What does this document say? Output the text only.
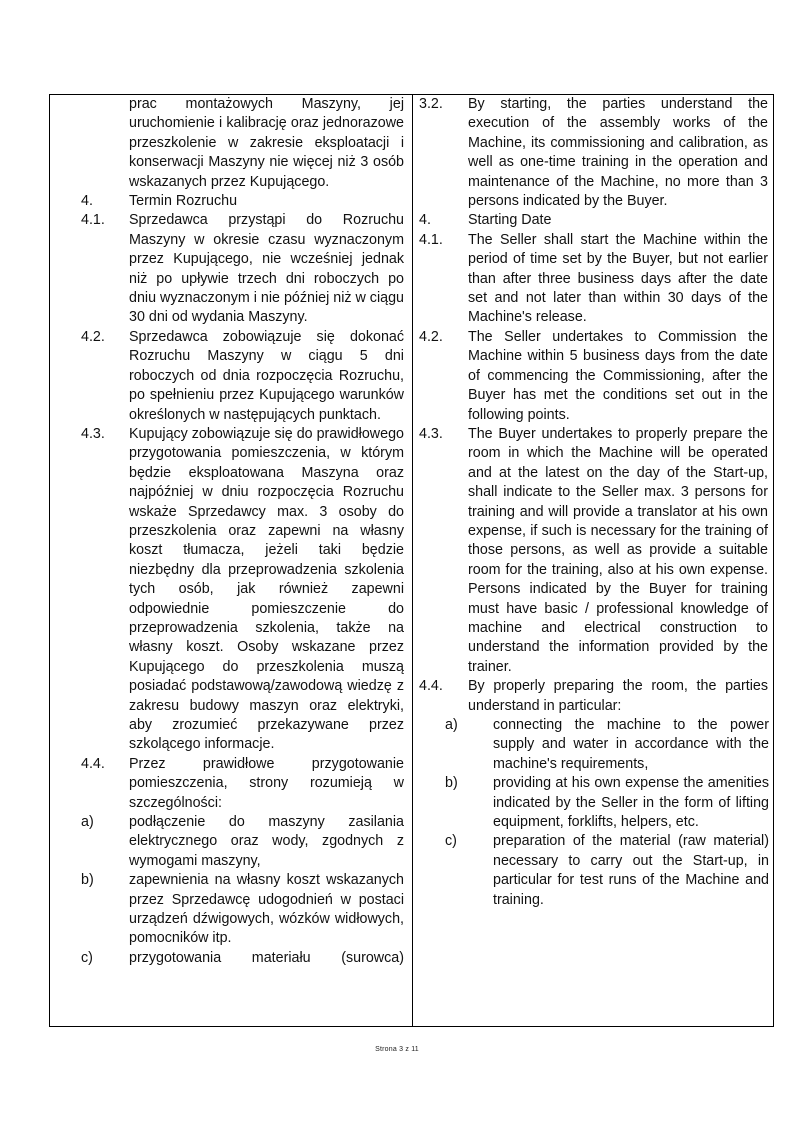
prac montażowych Maszyny, jej uruchomienie i kalibrację oraz jednorazowe przeszkolenie w zakresie eksploatacji i konserwacji Maszyny nie więcej niż 3 osób wskazanych przez Kupującego.
4.	Termin Rozruchu
4.1.	Sprzedawca przystąpi do Rozruchu Maszyny w okresie czasu wyznaczonym przez Kupującego, nie wcześniej jednak niż po upływie trzech dni roboczych po dniu wyznaczonym i nie później niż w ciągu 30 dni od wydania Maszyny.
4.2.	Sprzedawca zobowiązuje się dokonać Rozruchu Maszyny w ciągu 5 dni roboczych od dnia rozpoczęcia Rozruchu, po spełnieniu przez Kupującego warunków określonych w następujących punktach.
4.3.	Kupujący zobowiązuje się do prawidłowego przygotowania pomieszczenia, w którym będzie eksploatowana Maszyna oraz najpóźniej w dniu rozpoczęcia Rozruchu wskaże Sprzedawcy max. 3 osoby do przeszkolenia oraz zapewni na własny koszt tłumacza, jeżeli taki będzie niezbędny dla przeprowadzenia szkolenia tych osób, jak również zapewni odpowiednie pomieszczenie do przeprowadzenia szkolenia, także na własny koszt. Osoby wskazane przez Kupującego do przeszkolenia muszą posiadać podstawową/zawodową wiedzę z zakresu budowy maszyn oraz elektryki, aby zrozumieć przekazywane przez szkolącego informacje.
4.4.	Przez prawidłowe przygotowanie pomieszczenia, strony rozumieją w szczególności:
a)	podłączenie do maszyny zasilania elektrycznego oraz wody, zgodnych z wymogami maszyny,
b)	zapewnienia na własny koszt wskazanych przez Sprzedawcę udogodnień w postaci urządzeń dźwigowych, wózków widłowych, pomocników itp.
c)	przygotowania materiału (surowca)
3.2.	By starting, the parties understand the execution of the assembly works of the Machine, its commissioning and calibration, as well as one-time training in the operation and maintenance of the Machine, no more than 3 persons indicated by the Buyer.
4.	Starting Date
4.1.	The Seller shall start the Machine within the period of time set by the Buyer, but not earlier than after three business days after the date set and not later than within 30 days of the Machine's release.
4.2.	The Seller undertakes to Commission the Machine within 5 business days from the date of commencing the Commissioning, after the Buyer has met the conditions set out in the following points.
4.3.	The Buyer undertakes to properly prepare the room in which the Machine will be operated and at the latest on the day of the Start-up, shall indicate to the Seller max. 3 persons for training and will provide a translator at his own expense, if such is necessary for the training of those persons, as well as provide a suitable room for the training, also at his own expense. Persons indicated by the Buyer for training must have basic / professional knowledge of machine and electrical construction to understand the information provided by the trainer.
4.4.	By properly preparing the room, the parties understand in particular:
a)	connecting the machine to the power supply and water in accordance with the machine's requirements,
b)	providing at his own expense the amenities indicated by the Seller in the form of lifting equipment, forklifts, helpers, etc.
c)	preparation of the material (raw material) necessary to carry out the Start-up, in particular for test runs of the Machine and training.
Strona 3 z 11
